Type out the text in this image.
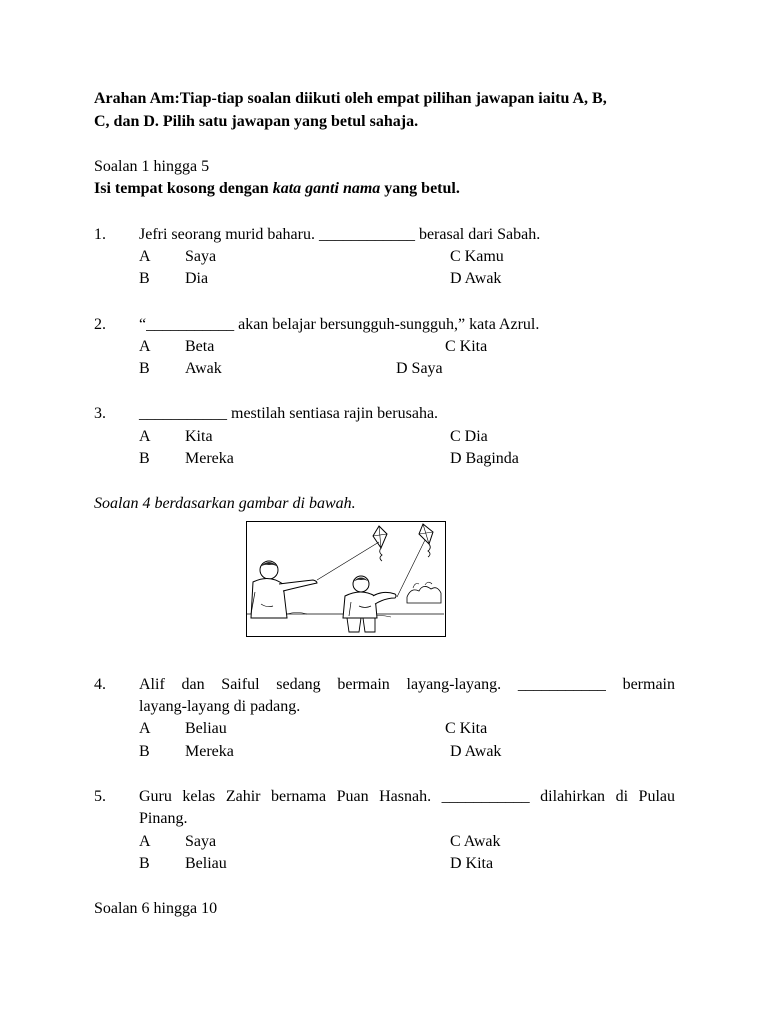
Arahan Am:Tiap-tiap soalan diikuti oleh empat pilihan jawapan iaitu A, B,
C, dan D. Pilih satu jawapan yang betul sahaja.
Soalan 1 hingga 5
Isi tempat kosong dengan kata ganti nama yang betul.
1. Jefri seorang murid baharu. ____________ berasal dari Sabah.
A Saya	C Kamu
B Dia	D Awak
2. “___________ akan belajar bersungguh-sungguh,” kata Azrul.
A Beta	C Kita
B Awak	D Saya
3. ___________ mestilah sentiasa rajin berusaha.
A Kita	C Dia
B Mereka	D Baginda
Soalan 4 berdasarkan gambar di bawah.
4. Alif dan Saiful sedang bermain layang-layang. ___________ bermain
layang-layang di padang.
A Beliau	C Kita
B Mereka	D Awak
5. Guru kelas Zahir bernama Puan Hasnah. ___________ dilahirkan di Pulau
Pinang.
A Saya	C Awak
B Beliau	D Kita
Soalan 6 hingga 10
